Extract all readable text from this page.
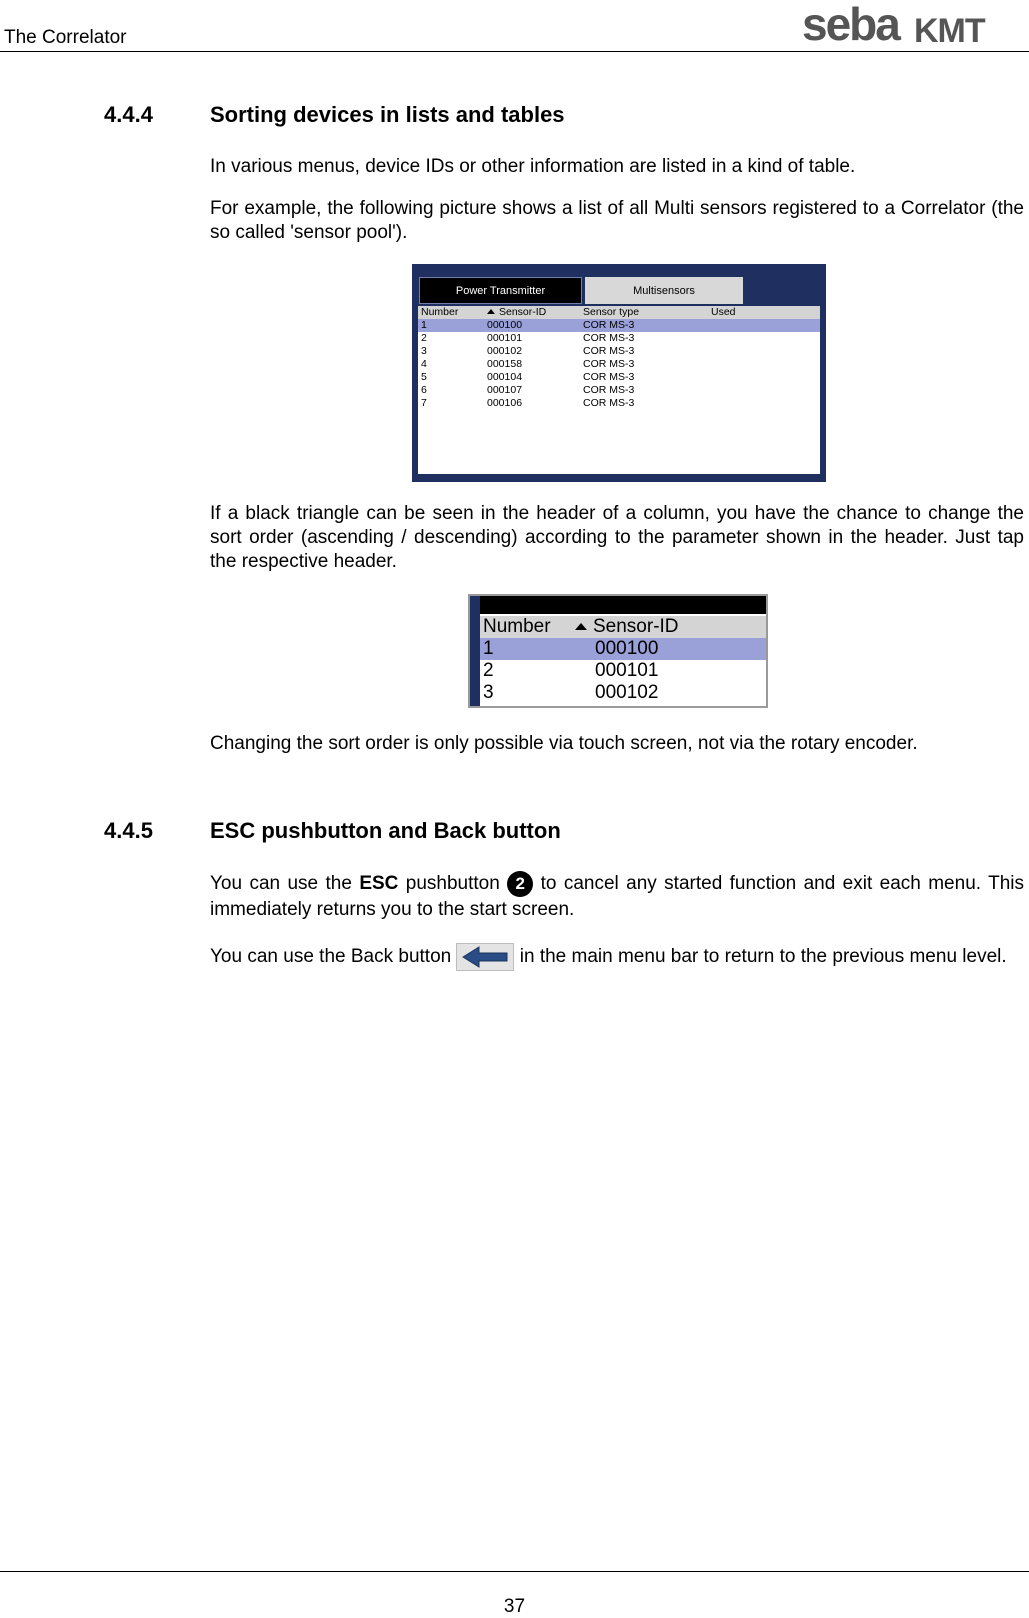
The Correlator	seba KMT
4.4.4	Sorting devices in lists and tables

In various menus, device IDs or other information are listed in a kind of table.

For example, the following picture shows a list of all Multi sensors registered to a Correlator (the so called 'sensor pool').

Power Transmitter	Multisensors
Number	Sensor-ID	Sensor type	Used
1	000100	COR MS-3
2	000101	COR MS-3
3	000102	COR MS-3
4	000158	COR MS-3
5	000104	COR MS-3
6	000107	COR MS-3
7	000106	COR MS-3

If a black triangle can be seen in the header of a column, you have the chance to change the sort order (ascending / descending) according to the parameter shown in the header. Just tap the respective header.

Number	Sensor-ID
1	000100
2	000101
3	000102

Changing the sort order is only possible via touch screen, not via the rotary encoder.

4.4.5	ESC pushbutton and Back button

You can use the ESC pushbutton 2 to cancel any started function and exit each menu. This immediately returns you to the start screen.

You can use the Back button	in the main menu bar to return to the previous menu level.

37
